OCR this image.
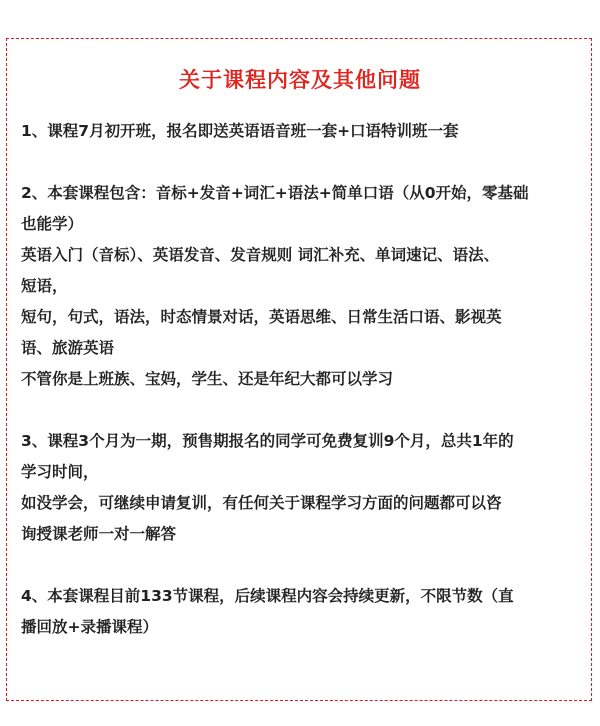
关于课程内容及其他问题
1、课程7月初开班，报名即送英语语音班一套+口语特训班一套
2、本套课程包含：音标+发音+词汇+语法+简单口语（从0开始，零基础
也能学）
英语入门（音标）、英语发音、发音规则 词汇补充、单词速记、语法、
短语，
短句，句式，语法，时态情景对话，英语思维、日常生活口语、影视英
语、旅游英语
不管你是上班族、宝妈，学生、还是年纪大都可以学习
3、课程3个月为一期，预售期报名的同学可免费复训9个月，总共1年的
学习时间，
如没学会，可继续申请复训，有任何关于课程学习方面的问题都可以咨
询授课老师一对一解答
4、本套课程目前133节课程，后续课程内容会持续更新，不限节数（直
播回放+录播课程）
